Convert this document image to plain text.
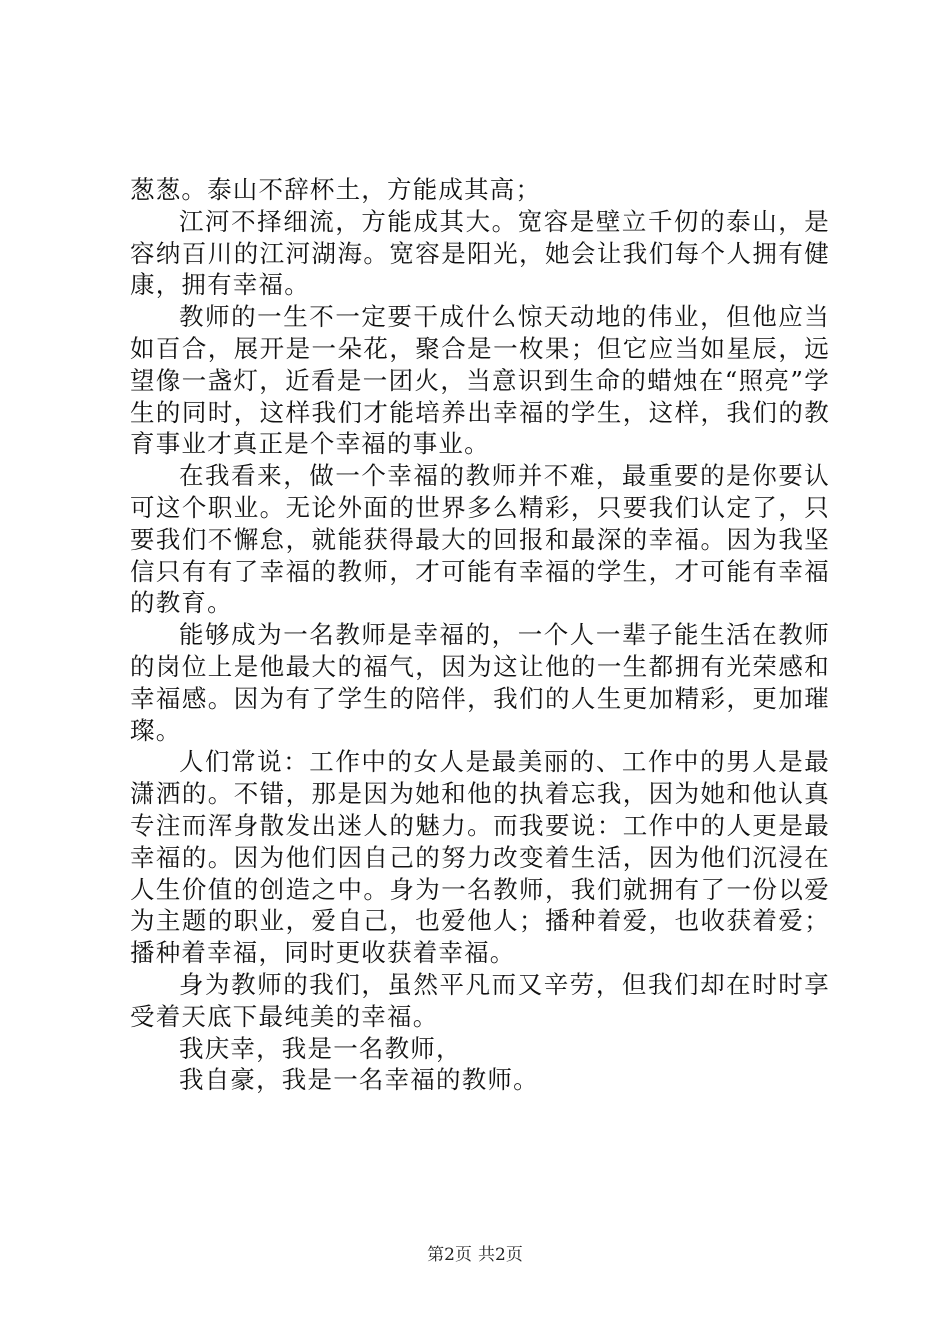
葱葱。泰山不辞杯土，方能成其高；

江河不择细流，方能成其大。宽容是壁立千仞的泰山，是容纳百川的江河湖海。宽容是阳光，她会让我们每个人拥有健康，拥有幸福。

教师的一生不一定要干成什么惊天动地的伟业，但他应当如百合，展开是一朵花，聚合是一枚果；但它应当如星辰，远望像一盏灯，近看是一团火，当意识到生命的蜡烛在“照亮”学生的同时，这样我们才能培养出幸福的学生，这样，我们的教育事业才真正是个幸福的事业。

在我看来，做一个幸福的教师并不难，最重要的是你要认可这个职业。无论外面的世界多么精彩，只要我们认定了，只要我们不懈怠，就能获得最大的回报和最深的幸福。因为我坚信只有有了幸福的教师，才可能有幸福的学生，才可能有幸福的教育。

能够成为一名教师是幸福的，一个人一辈子能生活在教师的岗位上是他最大的福气，因为这让他的一生都拥有光荣感和幸福感。因为有了学生的陪伴，我们的人生更加精彩，更加璀璨。

人们常说：工作中的女人是最美丽的、工作中的男人是最潇洒的。不错，那是因为她和他的执着忘我，因为她和他认真专注而浑身散发出迷人的魅力。而我要说：工作中的人更是最幸福的。因为他们因自己的努力改变着生活，因为他们沉浸在人生价值的创造之中。身为一名教师，我们就拥有了一份以爱为主题的职业，爱自己，也爱他人；播种着爱，也收获着爱；播种着幸福，同时更收获着幸福。

身为教师的我们，虽然平凡而又辛劳，但我们却在时时享受着天底下最纯美的幸福。

我庆幸，我是一名教师，

我自豪，我是一名幸福的教师。

第2页 共2页
